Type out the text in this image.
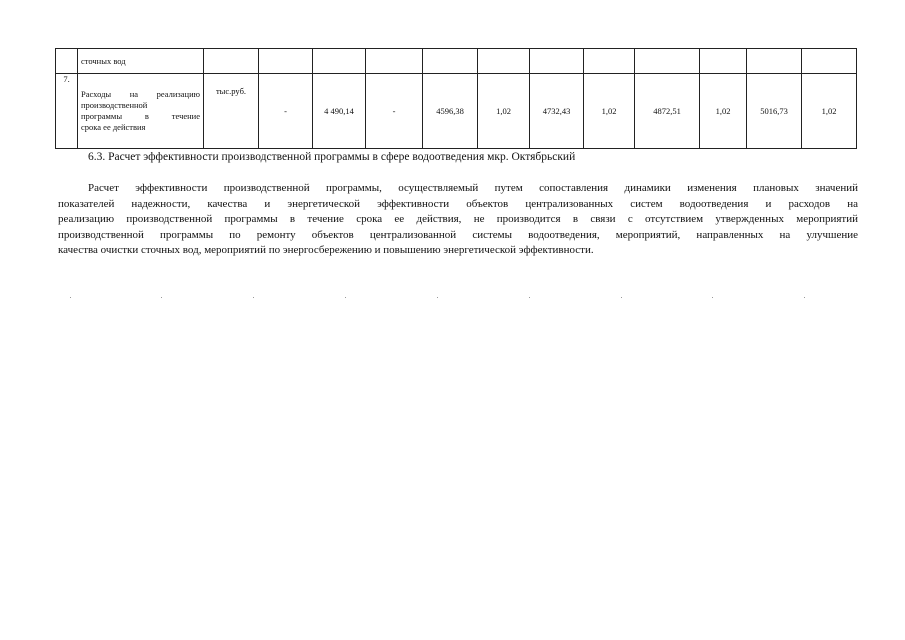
	сточных вод												
7.	Расходы на реализацию
производственной
программы в течение
срока ее действия	тыс.руб.	-	4 490,14	-	4596,38	1,02	4732,43	1,02	4872,51	1,02	5016,73	1,02
6.3. Расчет эффективности производственной программы в сфере водоотведения мкр. Октябрьский
Расчет эффективности производственной программы, осуществляемый путем сопоставления динамики изменения плановых значений
показателей надежности, качества и энергетической эффективности объектов централизованных систем водоотведения и расходов на
реализацию производственной программы в течение срока ее действия, не производится в связи с отсутствием утвержденных мероприятий
производственной программы по ремонту объектов централизованной системы водоотведения, мероприятий, направленных на улучшение
качества очистки сточных вод, мероприятий по энергосбережению и повышению энергетической эффективности.
